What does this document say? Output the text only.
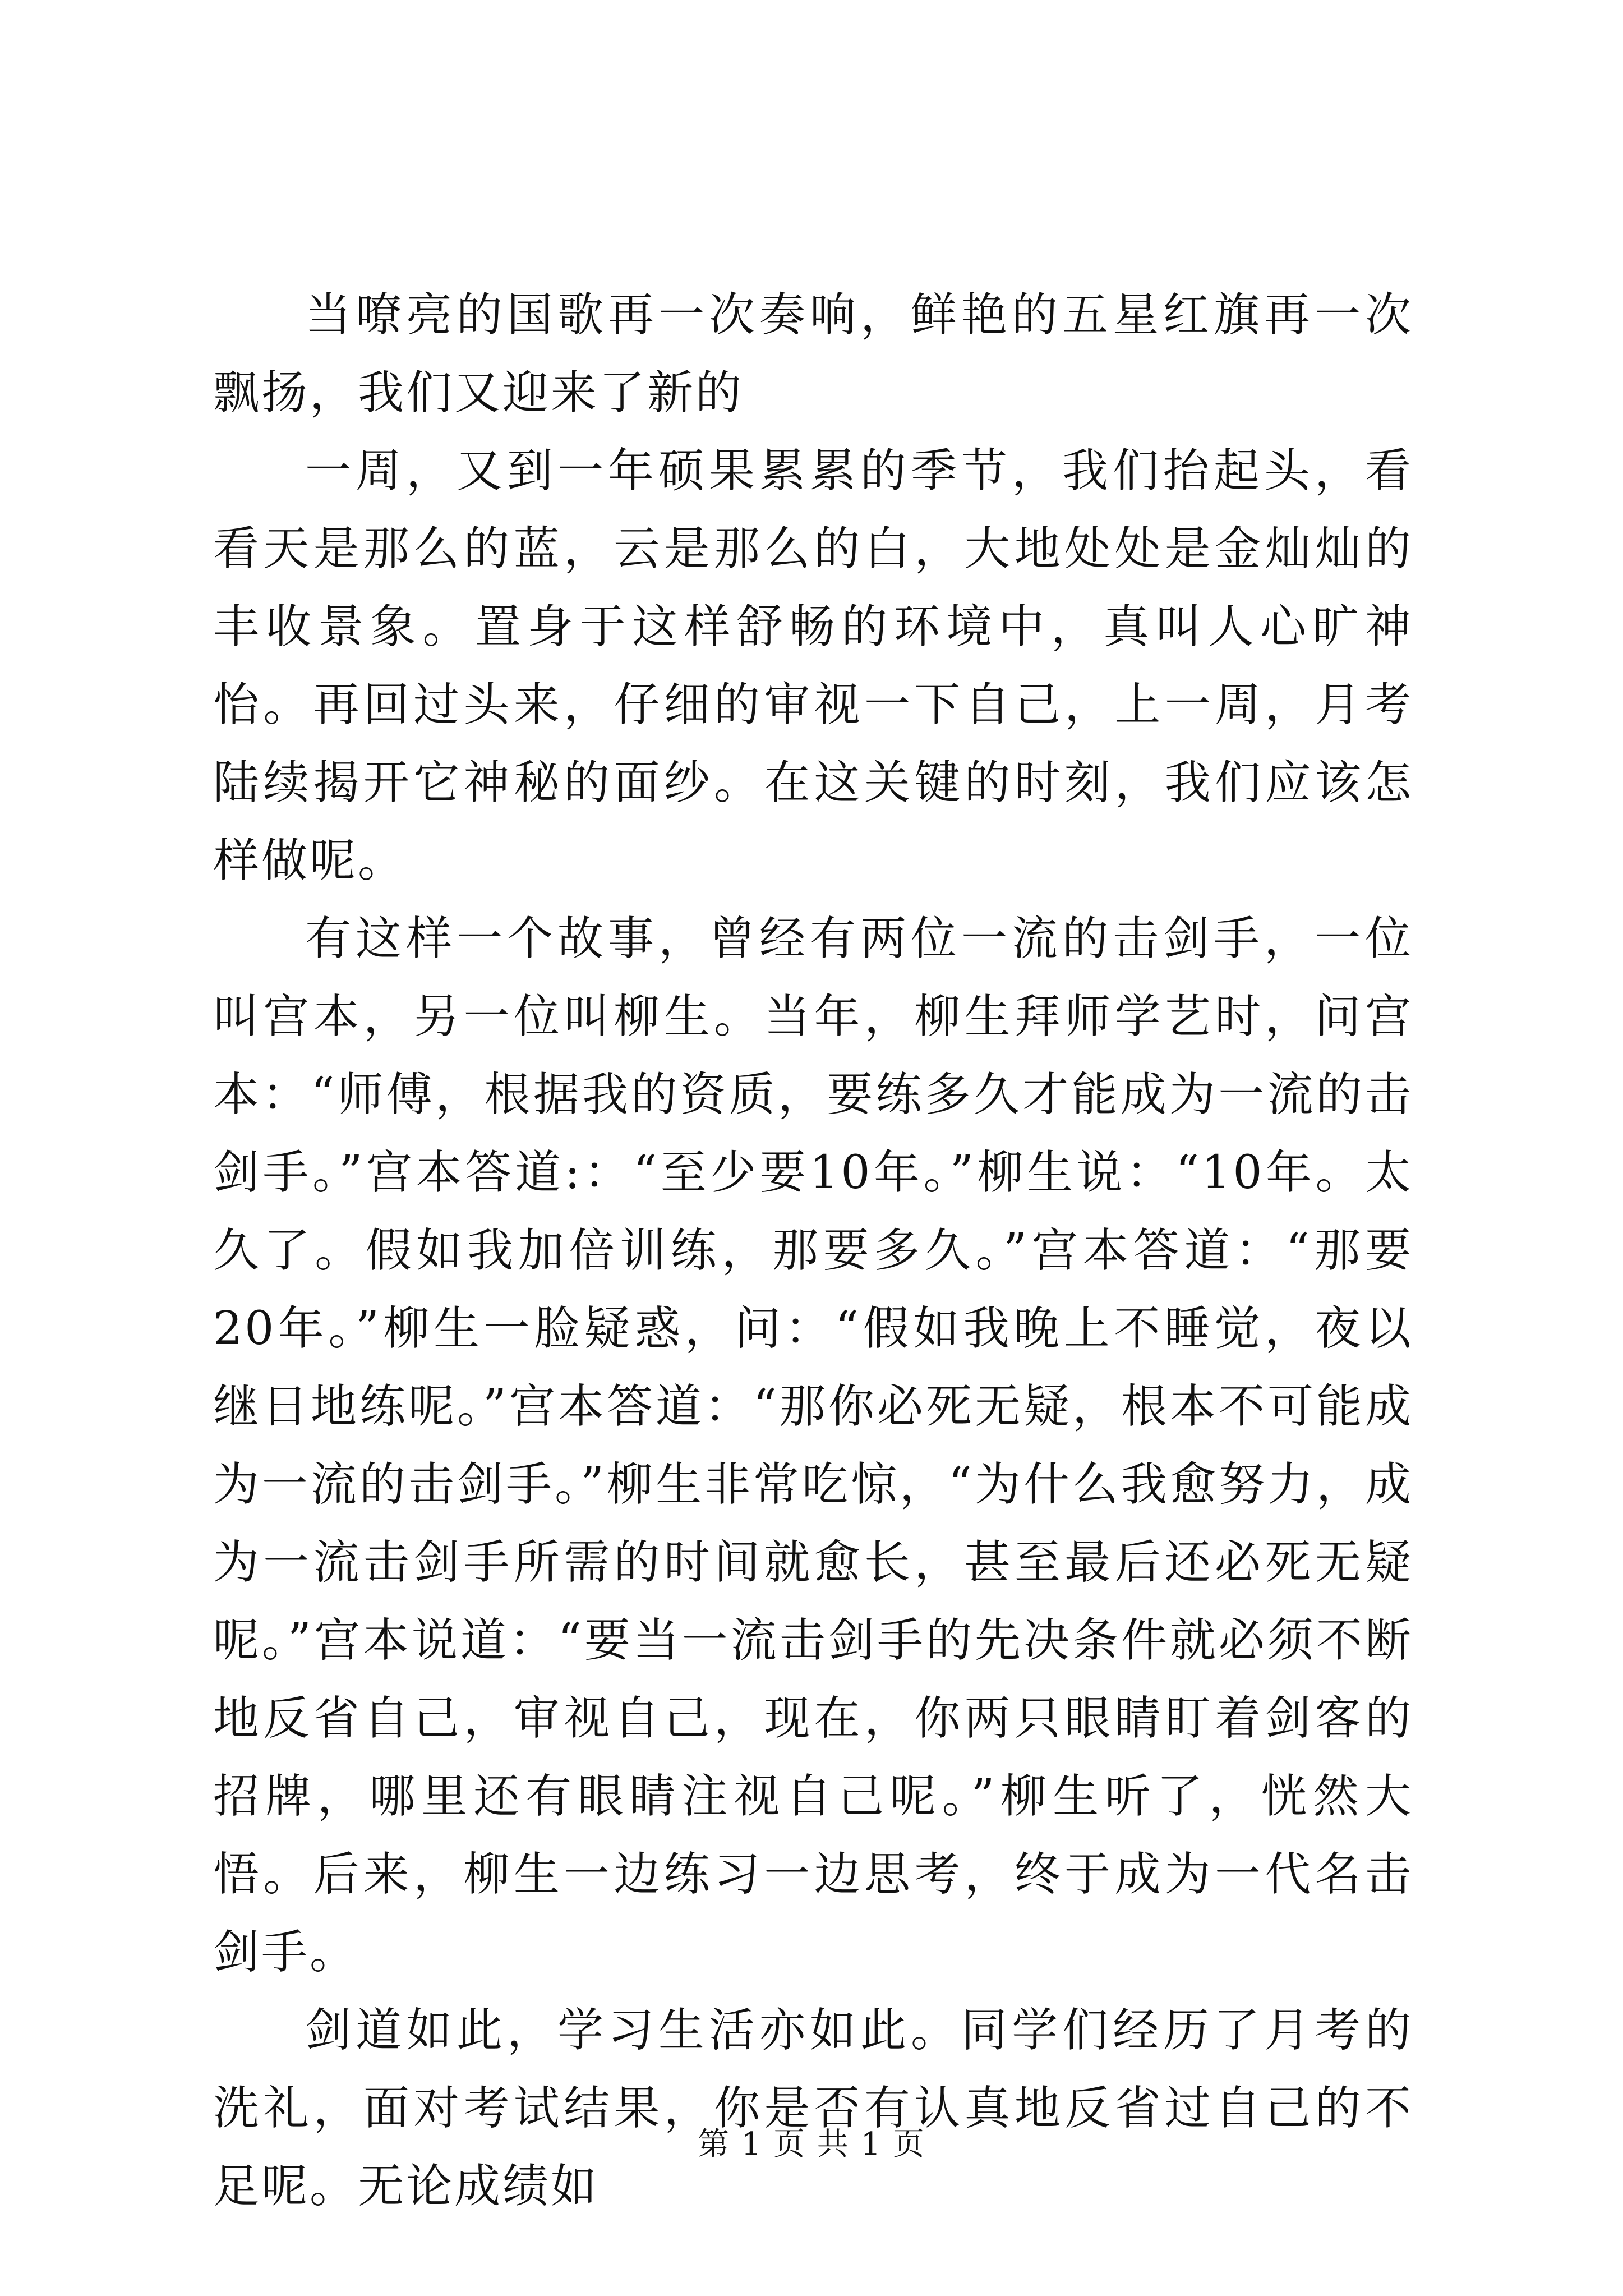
当嘹亮的国歌再一次奏响，鲜艳的五星红旗再一次飘扬，我们又迎来了新的

一周，又到一年硕果累累的季节，我们抬起头，看看天是那么的蓝，云是那么的白，大地处处是金灿灿的丰收景象。置身于这样舒畅的环境中，真叫人心旷神怡。再回过头来，仔细的审视一下自己，上一周，月考陆续揭开它神秘的面纱。在这关键的时刻，我们应该怎样做呢。

有这样一个故事，曾经有两位一流的击剑手，一位叫宫本，另一位叫柳生。当年，柳生拜师学艺时，问宫本：“师傅，根据我的资质，要练多久才能成为一流的击剑手。”宫本答道:：“至少要10年。”柳生说：“10年。太久了。假如我加倍训练，那要多久。”宫本答道：“那要20年。”柳生一脸疑惑，问：“假如我晚上不睡觉，夜以继日地练呢。”宫本答道：“那你必死无疑，根本不可能成为一流的击剑手。”柳生非常吃惊，“为什么我愈努力，成为一流击剑手所需的时间就愈长，甚至最后还必死无疑呢。”宫本说道：“要当一流击剑手的先决条件就必须不断地反省自己，审视自己，现在，你两只眼睛盯着剑客的招牌，哪里还有眼睛注视自己呢。”柳生听了，恍然大悟。后来，柳生一边练习一边思考，终于成为一代名击剑手。

剑道如此，学习生活亦如此。同学们经历了月考的洗礼，面对考试结果，你是否有认真地反省过自己的不足呢。无论成绩如

第 1 页 共 1 页
